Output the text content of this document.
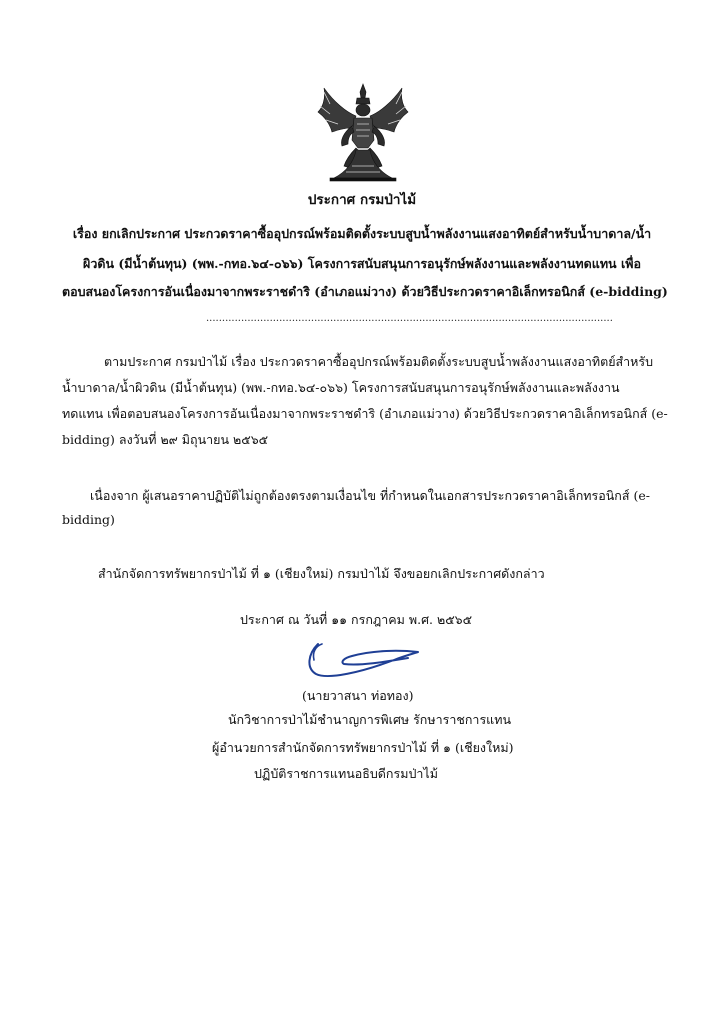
ประกาศ กรมป่าไม้
เรื่อง ยกเลิกประกาศ ประกวดราคาซื้ออุปกรณ์พร้อมติดตั้งระบบสูบน้ำพลังงานแสงอาทิตย์สำหรับน้ำบาดาล/น้ำ
ผิวดิน (มีน้ำต้นทุน) (พพ.-กทอ.๖๔-๐๖๖) โครงการสนับสนุนการอนุรักษ์พลังงานและพลังงานทดแทน เพื่อ
ตอบสนองโครงการอันเนื่องมาจากพระราชดำริ (อำเภอแม่วาง) ด้วยวิธีประกวดราคาอิเล็กทรอนิกส์ (e-bidding)
................................................................................................................................
ตามประกาศ กรมป่าไม้ เรื่อง ประกวดราคาซื้ออุปกรณ์พร้อมติดตั้งระบบสูบน้ำพลังงานแสงอาทิตย์สำหรับ
น้ำบาดาล/น้ำผิวดิน (มีน้ำต้นทุน) (พพ.-กทอ.๖๔-๐๖๖) โครงการสนับสนุนการอนุรักษ์พลังงานและพลังงาน
ทดแทน เพื่อตอบสนองโครงการอันเนื่องมาจากพระราชดำริ (อำเภอแม่วาง) ด้วยวิธีประกวดราคาอิเล็กทรอนิกส์ (e-
bidding) ลงวันที่ ๒๙ มิถุนายน ๒๕๖๕
เนื่องจาก ผู้เสนอราคาปฏิบัติไม่ถูกต้องตรงตามเงื่อนไข ที่กำหนดในเอกสารประกวดราคาอิเล็กทรอนิกส์ (e-
bidding)
สำนักจัดการทรัพยากรป่าไม้ ที่ ๑ (เชียงใหม่) กรมป่าไม้ จึงขอยกเลิกประกาศดังกล่าว
ประกาศ ณ วันที่ ๑๑ กรกฎาคม พ.ศ. ๒๕๖๕
(นายวาสนา ท่อทอง)
นักวิชาการป่าไม้ชำนาญการพิเศษ รักษาราชการแทน
ผู้อำนวยการสำนักจัดการทรัพยากรป่าไม้ ที่ ๑ (เชียงใหม่)
ปฏิบัติราชการแทนอธิบดีกรมป่าไม้
